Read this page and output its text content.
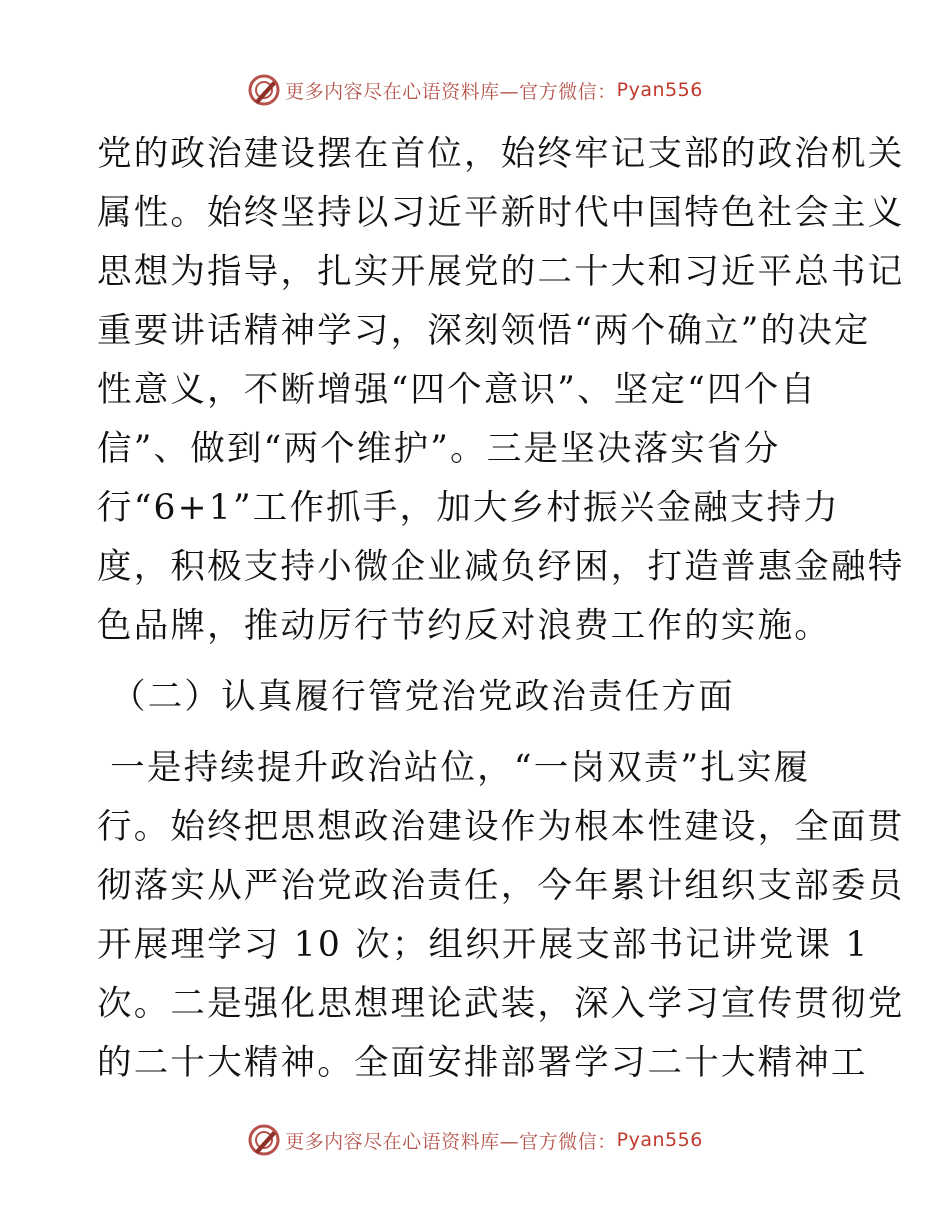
更多内容尽在心语资料库—官方微信： Pyan556
党的政治建设摆在首位，始终牢记支部的政治机关
属性。始终坚持以习近平新时代中国特色社会主义
思想为指导，扎实开展党的二十大和习近平总书记
重要讲话精神学习，深刻领悟“两个确立”的决定
性意义，不断增强“四个意识”、坚定“四个自
信”、做到“两个维护”。三是坚决落实省分
行“6+1”工作抓手，加大乡村振兴金融支持力
度，积极支持小微企业减负纾困，打造普惠金融特
色品牌，推动厉行节约反对浪费工作的实施。
（二）认真履行管党治党政治责任方面
一是持续提升政治站位，“一岗双责”扎实履
行。始终把思想政治建设作为根本性建设，全面贯
彻落实从严治党政治责任，今年累计组织支部委员
开展理学习 10 次；组织开展支部书记讲党课 1
次。二是强化思想理论武装，深入学习宣传贯彻党
的二十大精神。全面安排部署学习二十大精神工
更多内容尽在心语资料库—官方微信： Pyan556
